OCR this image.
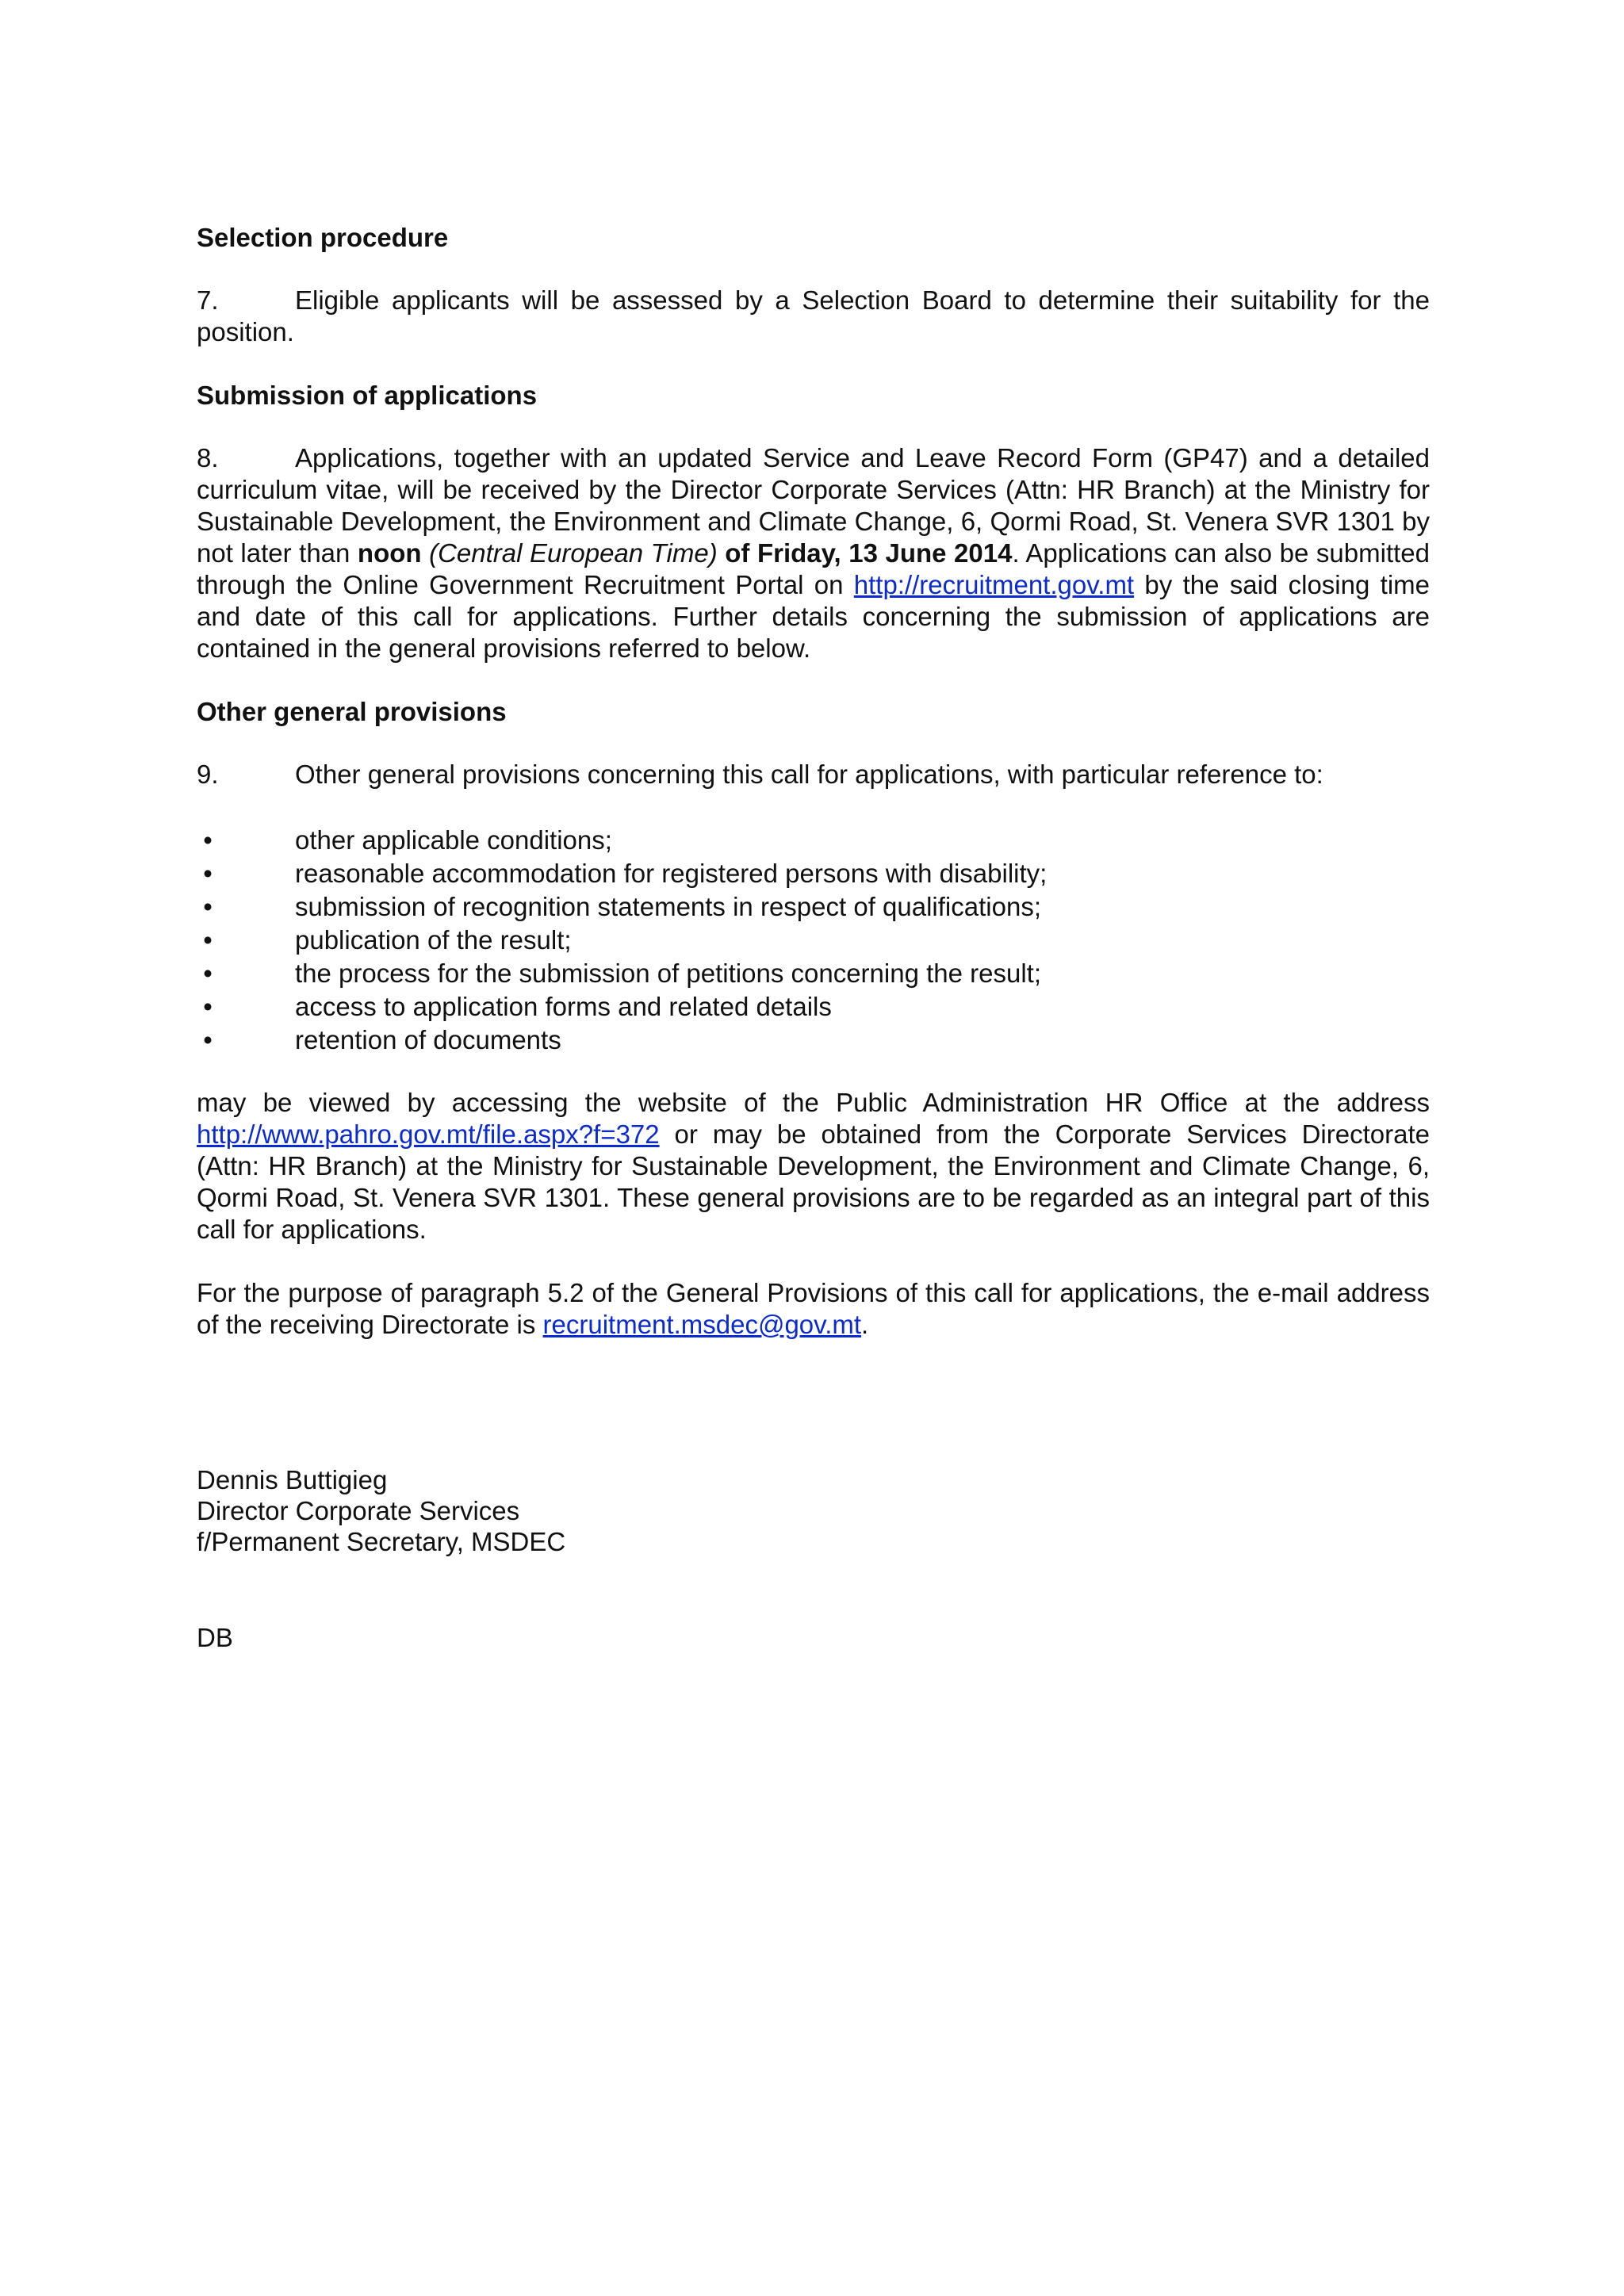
Selection procedure

7.	Eligible applicants will be assessed by a Selection Board to determine their suitability for the position.

Submission of applications

8.	Applications, together with an updated Service and Leave Record Form (GP47) and a detailed curriculum vitae, will be received by the Director Corporate Services (Attn: HR Branch) at the Ministry for Sustainable Development, the Environment and Climate Change, 6, Qormi Road, St. Venera SVR 1301 by not later than noon (Central European Time) of Friday, 13 June 2014. Applications can also be submitted through the Online Government Recruitment Portal on http://recruitment.gov.mt by the said closing time and date of this call for applications. Further details concerning the submission of applications are contained in the general provisions referred to below.

Other general provisions

9.	Other general provisions concerning this call for applications, with particular reference to:

•	other applicable conditions;
•	reasonable accommodation for registered persons with disability;
•	submission of recognition statements in respect of qualifications;
•	publication of the result;
•	the process for the submission of petitions concerning the result;
•	access to application forms and related details
•	retention of documents

may be viewed by accessing the website of the Public Administration HR Office at the address http://www.pahro.gov.mt/file.aspx?f=372 or may be obtained from the Corporate Services Directorate (Attn: HR Branch) at the Ministry for Sustainable Development, the Environment and Climate Change, 6, Qormi Road, St. Venera SVR 1301. These general provisions are to be regarded as an integral part of this call for applications.

For the purpose of paragraph 5.2 of the General Provisions of this call for applications, the e-mail address of the receiving Directorate is recruitment.msdec@gov.mt.

Dennis Buttigieg

Director Corporate Services

f/Permanent Secretary, MSDEC

DB
